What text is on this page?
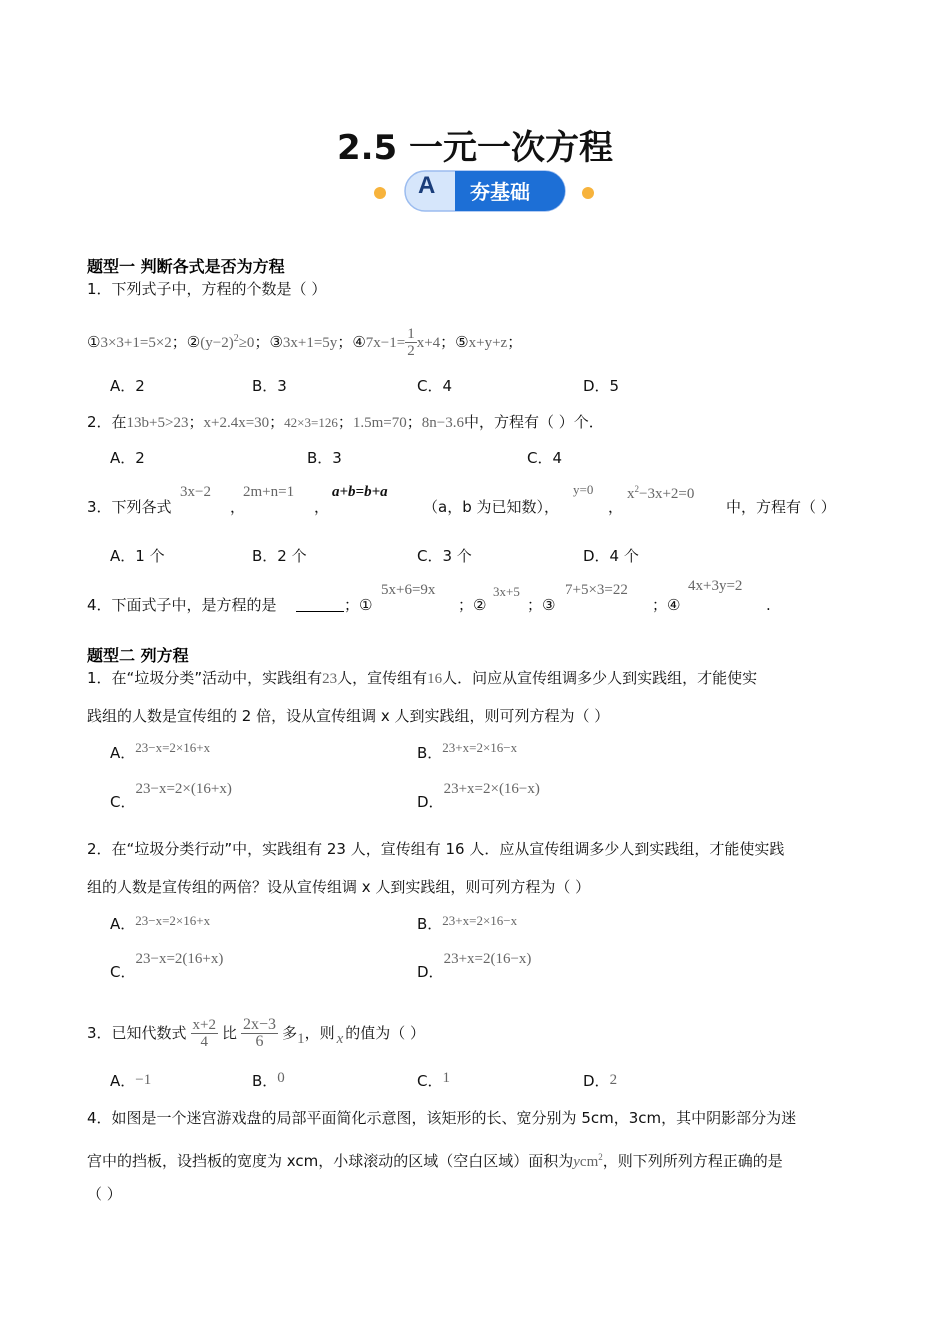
2.5 一元一次方程
A 夯基础
题型一 判断各式是否为方程
1．下列式子中，方程的个数是（ ）
①3×3+1=5×2；$②(y-2)^2\ge 0$；③3x+1=5y；④7x−1= $\frac{1}{2} x+4$；⑤x+y+z；
A．2	B．3	C．4	D．5
2．在13b+5>23；x+2.4x=30；42×3=126；1.5m=70；8n−3.6中，方程有（ ）个．
A．2	B．3	C．4
3．下列各式
3x−2
，
2m+n=1
，
a+b=b+a
（a，b 为已知数），
y=0
，
$x^2-3x+2=0$
中，方程有（ ）
A．1 个	B．2 个	C．3 个	D．4 个
4．下面式子中，是方程的是	；①
5x+6=9x
；②
3x+5
；③
7+5×3=22
；④
4x+3y=2
.
题型二 列方程
1．在“垃圾分类”活动中，实践组有23人，宣传组有16人．问应从宣传组调多少人到实践组，才能使实
践组的人数是宣传组的 2 倍，设从宣传组调 x 人到实践组，则可列方程为（ ）
A．23−x=2×16+x	B．23+x=2×16−x
C．23−x=2×(16+x)
D．23+x=2×(16−x)
2．在“垃圾分类行动”中，实践组有 23 人，宣传组有 16 人．应从宣传组调多少人到实践组，才能使实践
组的人数是宣传组的两倍？设从宣传组调 x 人到实践组，则可列方程为（ ）
A．23−x=2×16+x	B．23+x=2×16−x
C．23−x=2(16+x)
D．23+x=2(16−x)
3．已知代数式 $\frac{x+2}{4}$ 比 $\frac{2x-3}{6}$ 多 1 ，则 x 的值为（ ）
A．−1	B．0	C．1	D．2
4．如图是一个迷宫游戏盘的局部平面简化示意图，该矩形的长、宽分别为 5cm，3cm，其中阴影部分为迷
宫中的挡板，设挡板的宽度为 xcm，小球滚动的区域（空白区域）面积为ycm$^2$，则下列所列方程正确的是
（ ）
